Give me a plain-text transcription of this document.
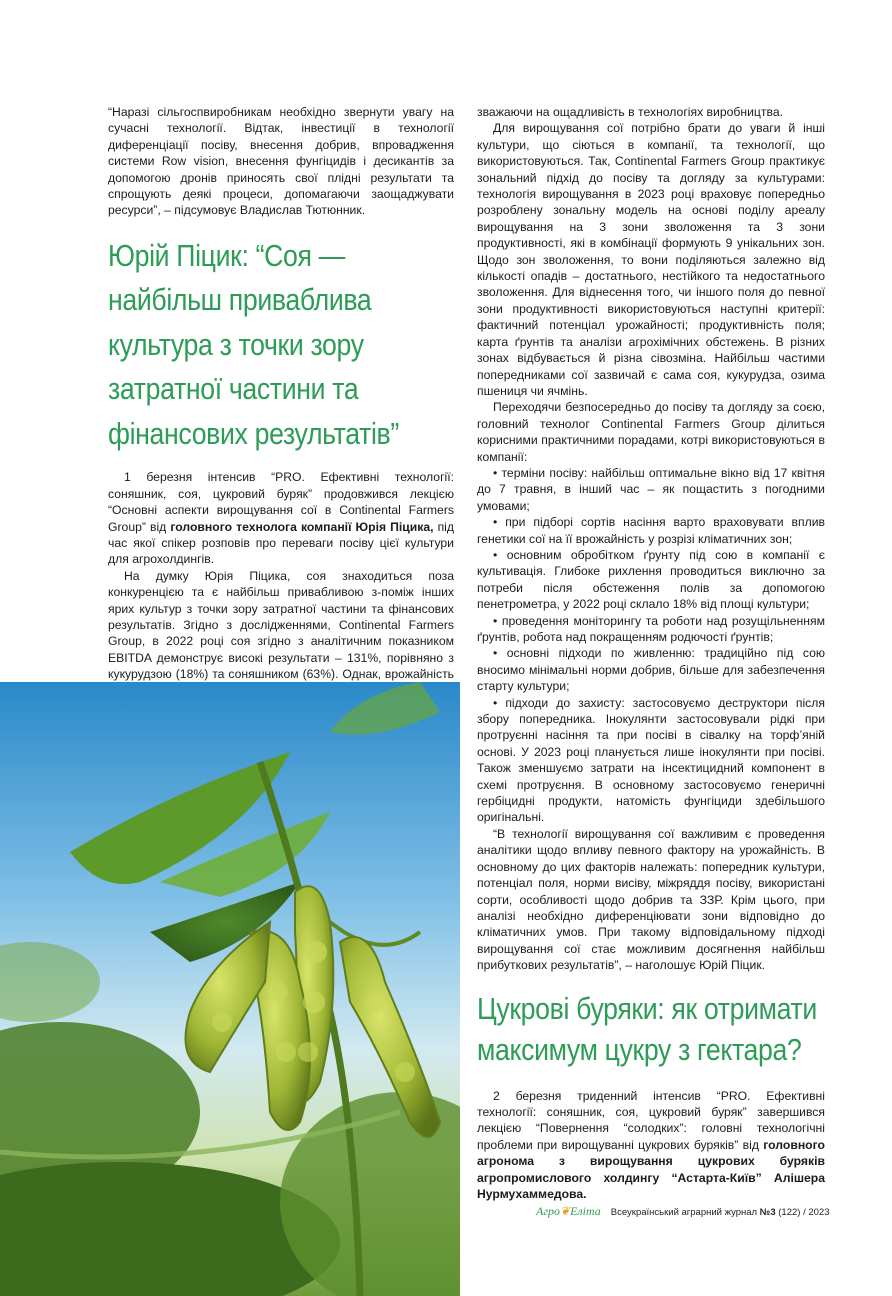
“Наразі сільгоспвиробникам необхідно звернути увагу на сучасні технології. Відтак, інвестиції в технології диференціації посіву, внесення добрив, впровадження системи Row vision, внесення фунгіцидів і десикантів за допомогою дронів приносять свої плідні результати та спрощують деякі процеси, допомагаючи заощаджувати ресурси”, – підсумовує Владислав Тютюнник.

Юрій Піцик: “Соя — найбільш приваблива культура з точки зору затратної частини та фінансових результатів”

1 березня інтенсив “PRO. Ефективні технології: соняшник, соя, цукровий буряк” продовжився лекцією “Основні аспекти вирощування сої в Continental Farmers Group” від головного технолога компанії Юрія Піцика, під час якої спікер розповів про переваги посіву цієї культури для агрохолдингів.

На думку Юрія Піцика, соя знаходиться поза конкуренцією та є найбільш привабливою з-поміж інших ярих культур з точки зору затратної частини та фінансових результатів. Згідно з дослідженнями, Continental Farmers Group, в 2022 році соя згідно з аналітичним показником EBITDA демонструє високі результати – 131%, порівняно з кукурудзою (18%) та соняшником (63%). Однак, врожайність

зважаючи на ощадливість в технологіях виробництва.

Для вирощування сої потрібно брати до уваги й інші культури, що сіються в компанії, та технології, що використовуються. Так, Continental Farmers Group практикує зональний підхід до посіву та догляду за культурами: технологія вирощування в 2023 році враховує попередньо розроблену зональну модель на основі поділу ареалу вирощування на 3 зони зволоження та 3 зони продуктивності, які в комбінації формують 9 унікальних зон. Щодо зон зволоження, то вони поділяються залежно від кількості опадів – достатнього, нестійкого та недостатнього зволоження. Для віднесення того, чи іншого поля до певної зони продуктивності використовуються наступні критерії: фактичний потенціал урожайності; продуктивність поля; карта ґрунтів та аналізи агрохімічних обстежень. В різних зонах відбувається й різна сівозміна. Найбільш частими попередниками сої зазвичай є сама соя, кукурудза, озима пшениця чи ячмінь.

Переходячи безпосередньо до посіву та догляду за соєю, головний технолог Continental Farmers Group ділиться корисними практичними порадами, котрі використовуються в компанії:

• терміни посіву: найбільш оптимальне вікно від 17 квітня до 7 травня, в інший час – як пощастить з погодними умовами;

• при підборі сортів насіння варто враховувати вплив генетики сої на її врожайність у розрізі кліматичних зон;

• основним обробітком ґрунту під сою в компанії є культивація. Глибоке рихлення проводиться виключно за потреби після обстеження полів за допомогою пенетрометра, у 2022 році склало 18% від площі культури;

• проведення моніторингу та роботи над розущільненням ґрунтів, робота над покращенням родючості ґрунтів;

• основні підходи по живленню: традиційно під сою вносимо мінімальні норми добрив, більше для забезпечення старту культури;

• підходи до захисту: застосовуємо деструктори після збору попередника. Інокулянти застосовували рідкі при протруєнні насіння та при посіві в сівалку на торф’яній основі. У 2023 році планується лише інокулянти при посіві. Також зменшуємо затрати на інсектицидний компонент в схемі протруєння. В основному застосовуємо генеричні гербіцидні продукти, натомість фунгіциди здебільшого оригінальні.

“В технології вирощування сої важливим є проведення аналітики щодо впливу певного фактору на урожайність. В основному до цих факторів належать: попередник культури, потенціал поля, норми висіву, міжряддя посіву, використані сорти, особливості щодо добрив та ЗЗР. Крім цього, при аналізі необхідно диференціювати зони відповідно до кліматичних умов. При такому відповідальному підході вирощування сої стає можливим досягнення найбільш прибуткових результатів”, – наголошує Юрій Піцик.

Цукрові буряки: як отримати максимум цукру з гектара?

2 березня триденний інтенсив “PRO. Ефективні технології: соняшник, соя, цукровий буряк” завершився лекцією “Повернення “солодких”: головні технологічні проблеми при вирощуванні цукрових буряків” від головного агронома з вирощування цукрових буряків агропромислового холдингу “Астарта-Київ” Алішера Нурмухаммедова.

Агро❦Еліта Всеукраїнський аграрний журнал №3 (122) / 2023
